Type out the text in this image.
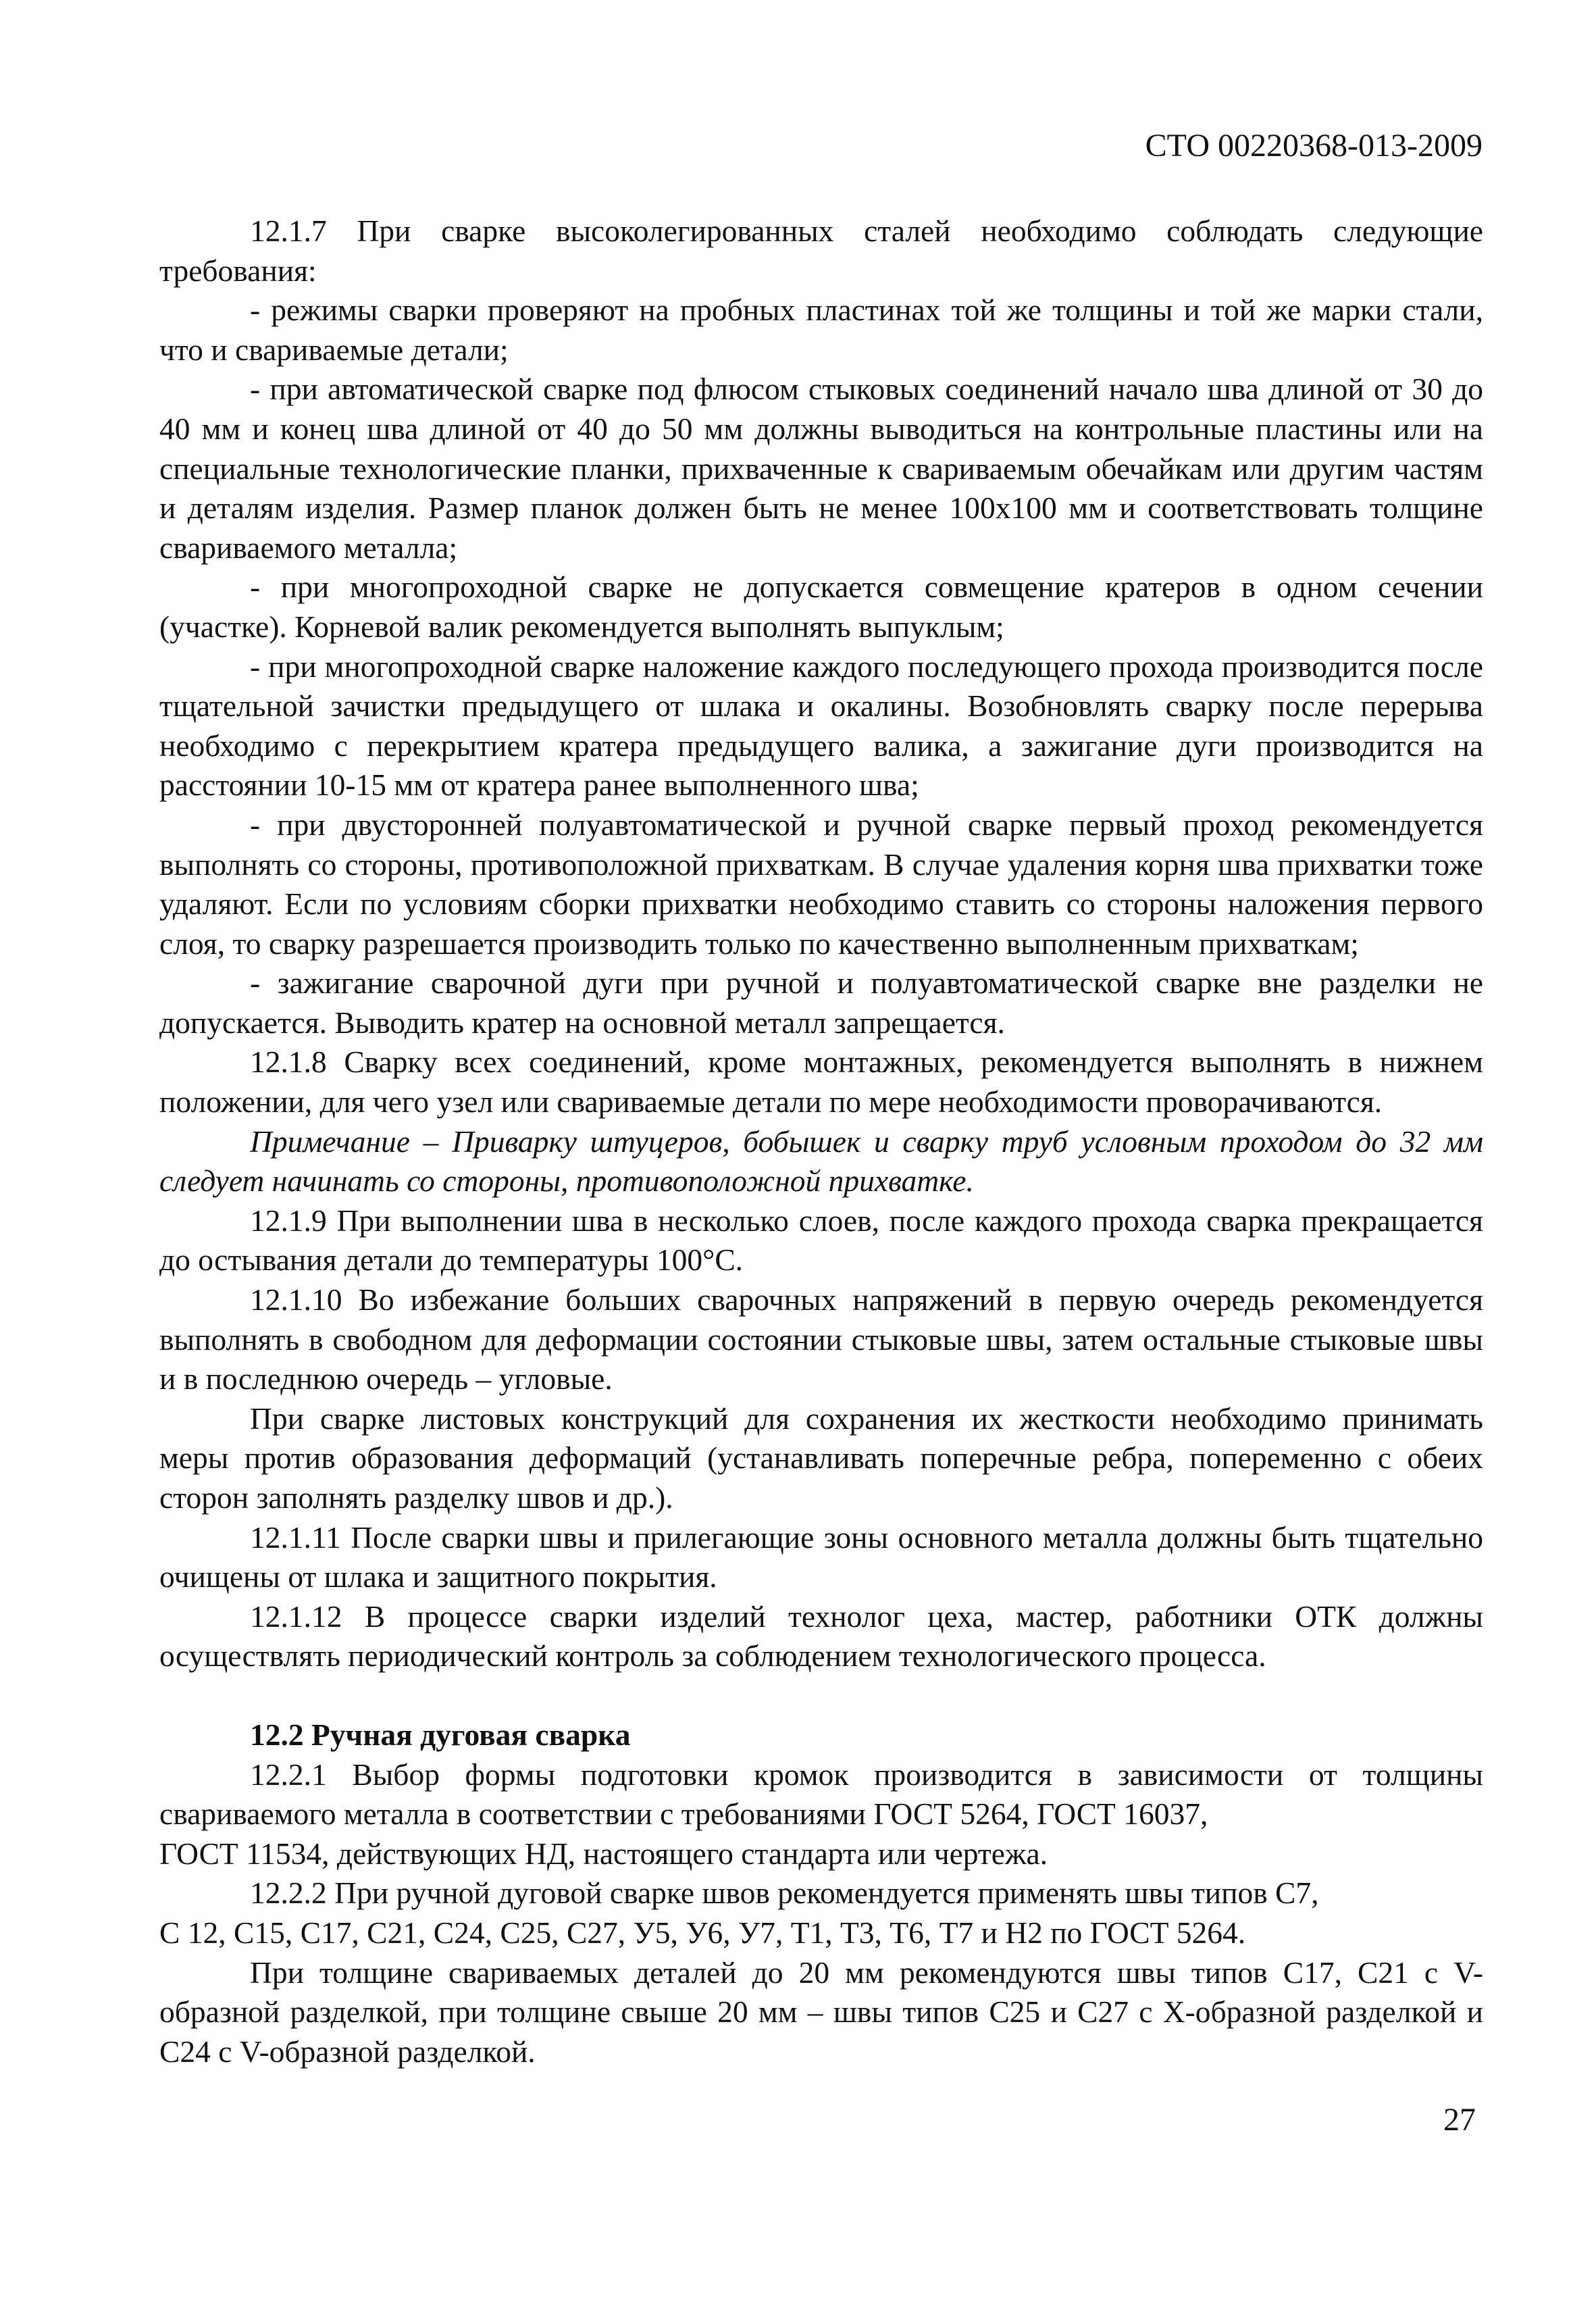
СТО 00220368-013-2009

12.1.7 При сварке высоколегированных сталей необходимо соблюдать следующие требования:

- режимы сварки проверяют на пробных пластинах той же толщины и той же марки стали, что и свариваемые детали;

- при автоматической сварке под флюсом стыковых соединений начало шва длиной от 30 до 40 мм и конец шва длиной от 40 до 50 мм должны выводиться на контрольные пластины или на специальные технологические планки, прихваченные к свариваемым обечайкам или другим частям и деталям изделия. Размер планок должен быть не менее 100х100 мм и соответствовать толщине свариваемого металла;

- при многопроходной сварке не допускается совмещение кратеров в одном сечении (участке). Корневой валик рекомендуется выполнять выпуклым;

- при многопроходной сварке наложение каждого последующего прохода производится после тщательной зачистки предыдущего от шлака и окалины. Возобновлять сварку после перерыва необходимо с перекрытием кратера предыдущего валика, а зажигание дуги производится на расстоянии 10-15 мм от кратера ранее выполненного шва;

- при двусторонней полуавтоматической и ручной сварке первый проход рекомендуется выполнять со стороны, противоположной прихваткам. В случае удаления корня шва прихватки тоже удаляют. Если по условиям сборки прихватки необходимо ставить со стороны наложения первого слоя, то сварку разрешается производить только по качественно выполненным прихваткам;

- зажигание сварочной дуги при ручной и полуавтоматической сварке вне разделки не допускается. Выводить кратер на основной металл запрещается.

12.1.8 Сварку всех соединений, кроме монтажных, рекомендуется выполнять в нижнем положении, для чего узел или свариваемые детали по мере необходимости проворачиваются.

Примечание – Приварку штуцеров, бобышек и сварку труб условным проходом до 32 мм следует начинать со стороны, противоположной прихватке.

12.1.9 При выполнении шва в несколько слоев, после каждого прохода сварка прекращается до остывания детали до температуры 100°С.

12.1.10 Во избежание больших сварочных напряжений в первую очередь рекомендуется выполнять в свободном для деформации состоянии стыковые швы, затем остальные стыковые швы и в последнюю очередь – угловые.

При сварке листовых конструкций для сохранения их жесткости необходимо принимать меры против образования деформаций (устанавливать поперечные ребра, попеременно с обеих сторон заполнять разделку швов и др.).

12.1.11 После сварки швы и прилегающие зоны основного металла должны быть тщательно очищены от шлака и защитного покрытия.

12.1.12 В процессе сварки изделий технолог цеха, мастер, работники ОТК должны осуществлять периодический контроль за соблюдением технологического процесса.

12.2 Ручная дуговая сварка

12.2.1 Выбор формы подготовки кромок производится в зависимости от толщины свариваемого металла в соответствии с требованиями ГОСТ 5264, ГОСТ 16037,

ГОСТ 11534, действующих НД, настоящего стандарта или чертежа.

12.2.2 При ручной дуговой сварке швов рекомендуется применять швы типов С7,

С 12, С15, С17, С21, С24, С25, С27, У5, У6, У7, Т1, Т3, Т6, Т7 и Н2 по ГОСТ 5264.

При толщине свариваемых деталей до 20 мм рекомендуются швы типов С17, С21 с V-образной разделкой, при толщине свыше 20 мм – швы типов С25 и С27 с Х-образной разделкой и С24 с V-образной разделкой.

27
